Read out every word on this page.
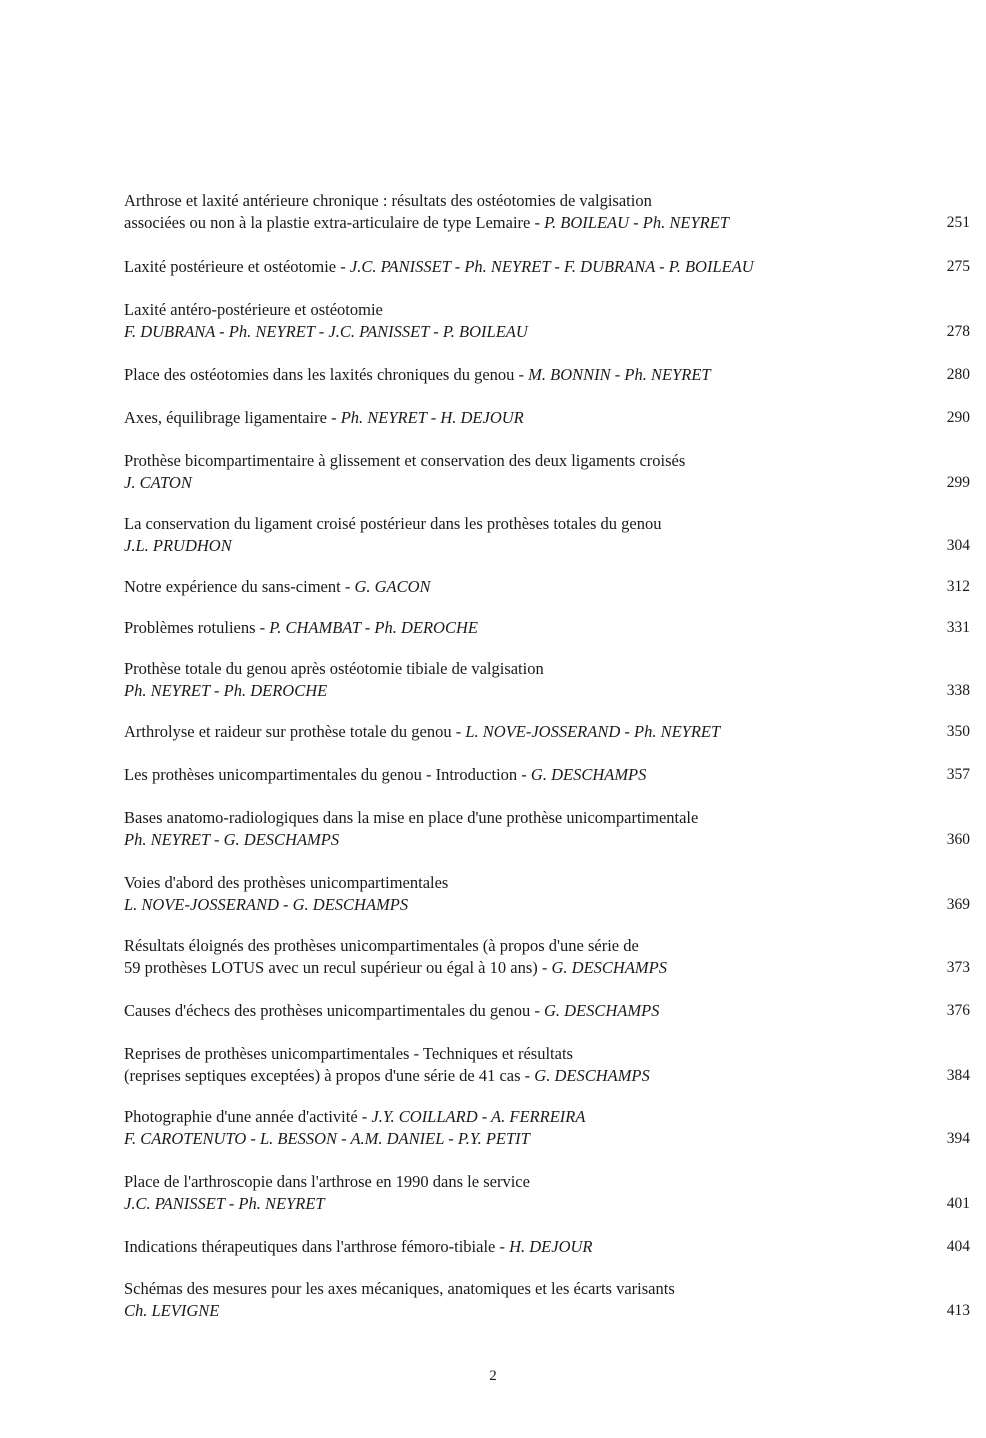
Arthrose et laxité antérieure chronique : résultats des ostéotomies de valgisation
associées ou non à la plastie extra-articulaire de type Lemaire - P. BOILEAU - Ph. NEYRET	251
Laxité postérieure et ostéotomie - J.C. PANISSET - Ph. NEYRET - F. DUBRANA - P. BOILEAU	275
Laxité antéro-postérieure et ostéotomie
F. DUBRANA - Ph. NEYRET - J.C. PANISSET - P. BOILEAU	278
Place des ostéotomies dans les laxités chroniques du genou - M. BONNIN - Ph. NEYRET	280
Axes, équilibrage ligamentaire - Ph. NEYRET - H. DEJOUR	290
Prothèse bicompartimentaire à glissement et conservation des deux ligaments croisés
J. CATON	299
La conservation du ligament croisé postérieur dans les prothèses totales du genou
J.L. PRUDHON	304
Notre expérience du sans-ciment - G. GACON	312
Problèmes rotuliens - P. CHAMBAT - Ph. DEROCHE	331
Prothèse totale du genou après ostéotomie tibiale de valgisation
Ph. NEYRET - Ph. DEROCHE	338
Arthrolyse et raideur sur prothèse totale du genou - L. NOVE-JOSSERAND - Ph. NEYRET	350
Les prothèses unicompartimentales du genou - Introduction - G. DESCHAMPS	357
Bases anatomo-radiologiques dans la mise en place d'une prothèse unicompartimentale
Ph. NEYRET - G. DESCHAMPS	360
Voies d'abord des prothèses unicompartimentales
L. NOVE-JOSSERAND - G. DESCHAMPS	369
Résultats éloignés des prothèses unicompartimentales (à propos d'une série de
59 prothèses LOTUS avec un recul supérieur ou égal à 10 ans) - G. DESCHAMPS	373
Causes d'échecs des prothèses unicompartimentales du genou - G. DESCHAMPS	376
Reprises de prothèses unicompartimentales - Techniques et résultats
(reprises septiques exceptées) à propos d'une série de 41 cas - G. DESCHAMPS	384
Photographie d'une année d'activité - J.Y. COILLARD - A. FERREIRA
F. CAROTENUTO - L. BESSON - A.M. DANIEL - P.Y. PETIT	394
Place de l'arthroscopie dans l'arthrose en 1990 dans le service
J.C. PANISSET - Ph. NEYRET	401
Indications thérapeutiques dans l'arthrose fémoro-tibiale - H. DEJOUR	404
Schémas des mesures pour les axes mécaniques, anatomiques et les écarts varisants
Ch. LEVIGNE	413
2
